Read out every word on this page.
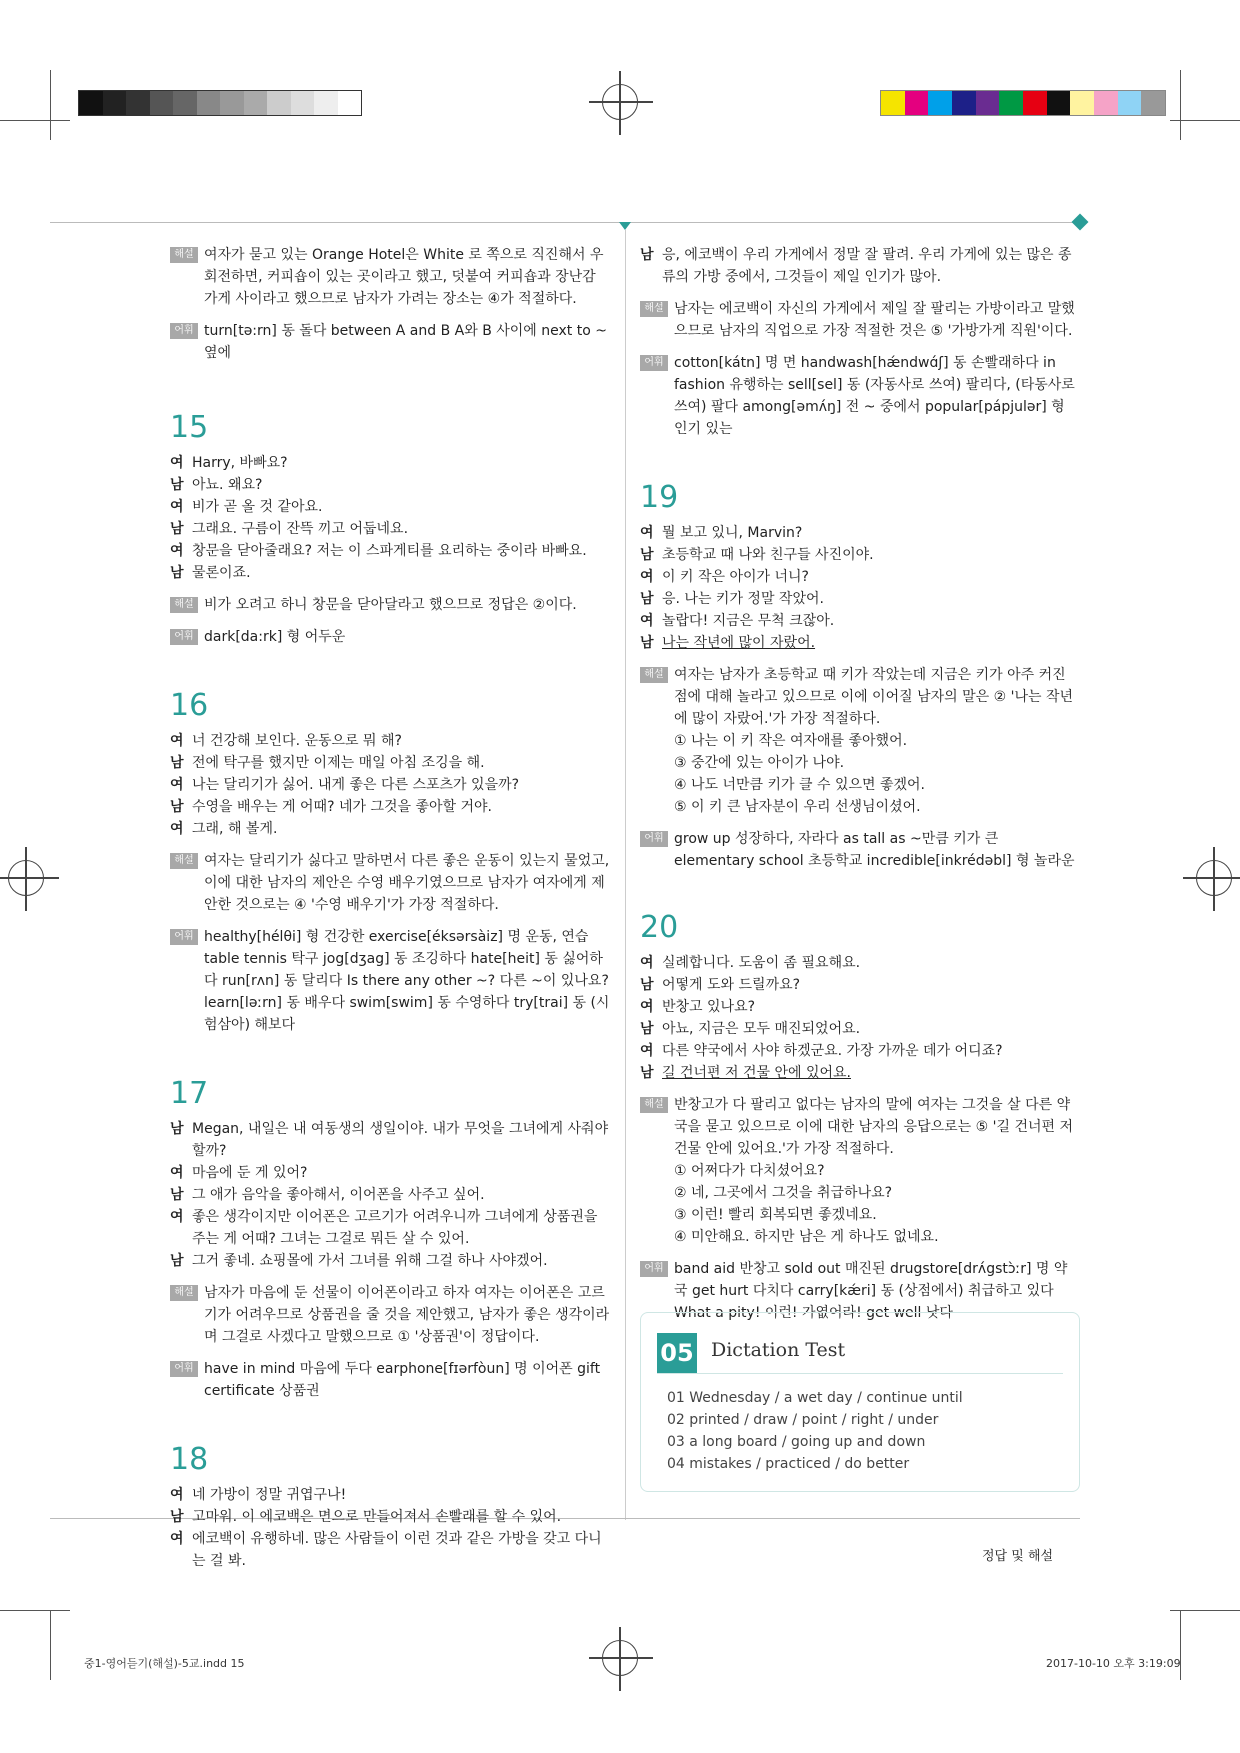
해설 여자가 묻고 있는 Orange Hotel은 White 로 쪽으로 직진해서 우회전하면, 커피숍이 있는 곳이라고 했고, 덧붙여 커피숍과 장난감 가게 사이라고 했으므로 남자가 가려는 장소는 ④가 적절하다.
어휘 turn[tə:rn] 동 돌다 between A and B A와 B 사이에 next to ~ 옆에
15
여 Harry, 바빠요?
남 아뇨. 왜요?
여 비가 곧 올 것 같아요.
남 그래요. 구름이 잔뜩 끼고 어둡네요.
여 창문을 닫아줄래요? 저는 이 스파게티를 요리하는 중이라 바빠요.
남 물론이죠.
해설 비가 오려고 하니 창문을 닫아달라고 했으므로 정답은 ②이다.
어휘 dark[da:rk] 형 어두운
16
여 너 건강해 보인다. 운동으로 뭐 해?
남 전에 탁구를 했지만 이제는 매일 아침 조깅을 해.
여 나는 달리기가 싫어. 내게 좋은 다른 스포츠가 있을까?
남 수영을 배우는 게 어때? 네가 그것을 좋아할 거야.
여 그래, 해 볼게.
해설 여자는 달리기가 싫다고 말하면서 다른 좋은 운동이 있는지 물었고, 이에 대한 남자의 제안은 수영 배우기였으므로 남자가 여자에게 제안한 것으로는 ④ '수영 배우기'가 가장 적절하다.
어휘 healthy[hélθi] 형 건강한 exercise[éksərsàiz] 명 운동, 연습 table tennis 탁구 jog[dʒag] 동 조깅하다 hate[heit] 동 싫어하다 run[rʌn] 동 달리다 Is there any other ~? 다른 ~이 있나요? learn[ləːrn] 동 배우다 swim[swim] 동 수영하다 try[trai] 동 (시험삼아) 해보다
17
남 Megan, 내일은 내 여동생의 생일이야. 내가 무엇을 그녀에게 사줘야 할까?
여 마음에 둔 게 있어?
남 그 애가 음악을 좋아해서, 이어폰을 사주고 싶어.
여 좋은 생각이지만 이어폰은 고르기가 어려우니까 그녀에게 상품권을 주는 게 어때? 그녀는 그걸로 뭐든 살 수 있어.
남 그거 좋네. 쇼핑몰에 가서 그녀를 위해 그걸 하나 사야겠어.
해설 남자가 마음에 둔 선물이 이어폰이라고 하자 여자는 이어폰은 고르기가 어려우므로 상품권을 줄 것을 제안했고, 남자가 좋은 생각이라며 그걸로 사겠다고 말했으므로 ① '상품권'이 정답이다.
어휘 have in mind 마음에 두다 earphone[fɪərfòun] 명 이어폰 gift certificate 상품권
18
여 네 가방이 정말 귀엽구나!
남 고마워. 이 에코백은 면으로 만들어져서 손빨래를 할 수 있어.
여 에코백이 유행하네. 많은 사람들이 이런 것과 같은 가방을 갖고 다니는 걸 봐.
남 응, 에코백이 우리 가게에서 정말 잘 팔려. 우리 가게에 있는 많은 종류의 가방 중에서, 그것들이 제일 인기가 많아.
해설 남자는 에코백이 자신의 가게에서 제일 잘 팔리는 가방이라고 말했으므로 남자의 직업으로 가장 적절한 것은 ⑤ '가방가게 직원'이다.
어휘 cotton[kátn] 명 면 handwash[hǽndwɑ́ʃ] 동 손빨래하다 in fashion 유행하는 sell[sel] 동 (자동사로 쓰여) 팔리다, (타동사로 쓰여) 팔다 among[əmʌ́ŋ] 전 ~ 중에서 popular[pápjulər] 형 인기 있는
19
여 뭘 보고 있니, Marvin?
남 초등학교 때 나와 친구들 사진이야.
여 이 키 작은 아이가 너니?
남 응. 나는 키가 정말 작았어.
여 놀랍다! 지금은 무척 크잖아.
남 나는 작년에 많이 자랐어.
해설 여자는 남자가 초등학교 때 키가 작았는데 지금은 키가 아주 커진 점에 대해 놀라고 있으므로 이에 이어질 남자의 말은 ② '나는 작년에 많이 자랐어.'가 가장 적절하다.
① 나는 이 키 작은 여자애를 좋아했어.
③ 중간에 있는 아이가 나야.
④ 나도 너만큼 키가 클 수 있으면 좋겠어.
⑤ 이 키 큰 남자분이 우리 선생님이셨어.
어휘 grow up 성장하다, 자라다 as tall as ~만큼 키가 큰 elementary school 초등학교 incredible[inkrédəbl] 형 놀라운
20
여 실례합니다. 도움이 좀 필요해요.
남 어떻게 도와 드릴까요?
여 반창고 있나요?
남 아뇨, 지금은 모두 매진되었어요.
여 다른 약국에서 사야 하겠군요. 가장 가까운 데가 어디죠?
남 길 건너편 저 건물 안에 있어요.
해설 반창고가 다 팔리고 없다는 남자의 말에 여자는 그것을 살 다른 약국을 묻고 있으므로 이에 대한 남자의 응답으로는 ⑤ '길 건너편 저 건물 안에 있어요.'가 가장 적절하다.
① 어쩌다가 다치셨어요?
② 네, 그곳에서 그것을 취급하나요?
③ 이런! 빨리 회복되면 좋겠네요.
④ 미안해요. 하지만 남은 게 하나도 없네요.
어휘 band aid 반창고 sold out 매진된 drugstore[drʌ́gstɔ̀ːr] 명 약국 get hurt 다치다 carry[kǽri] 동 (상점에서) 취급하고 있다 What a pity! 이런! 가엾어라! get well 낫다
05 Dictation Test
01 Wednesday / a wet day / continue until
02 printed / draw / point / right / under
03 a long board / going up and down
04 mistakes / practiced / do better
정답 및 해설
중1-영어듣기(해설)-5교.indd 15	2017-10-10 오후 3:19:09
